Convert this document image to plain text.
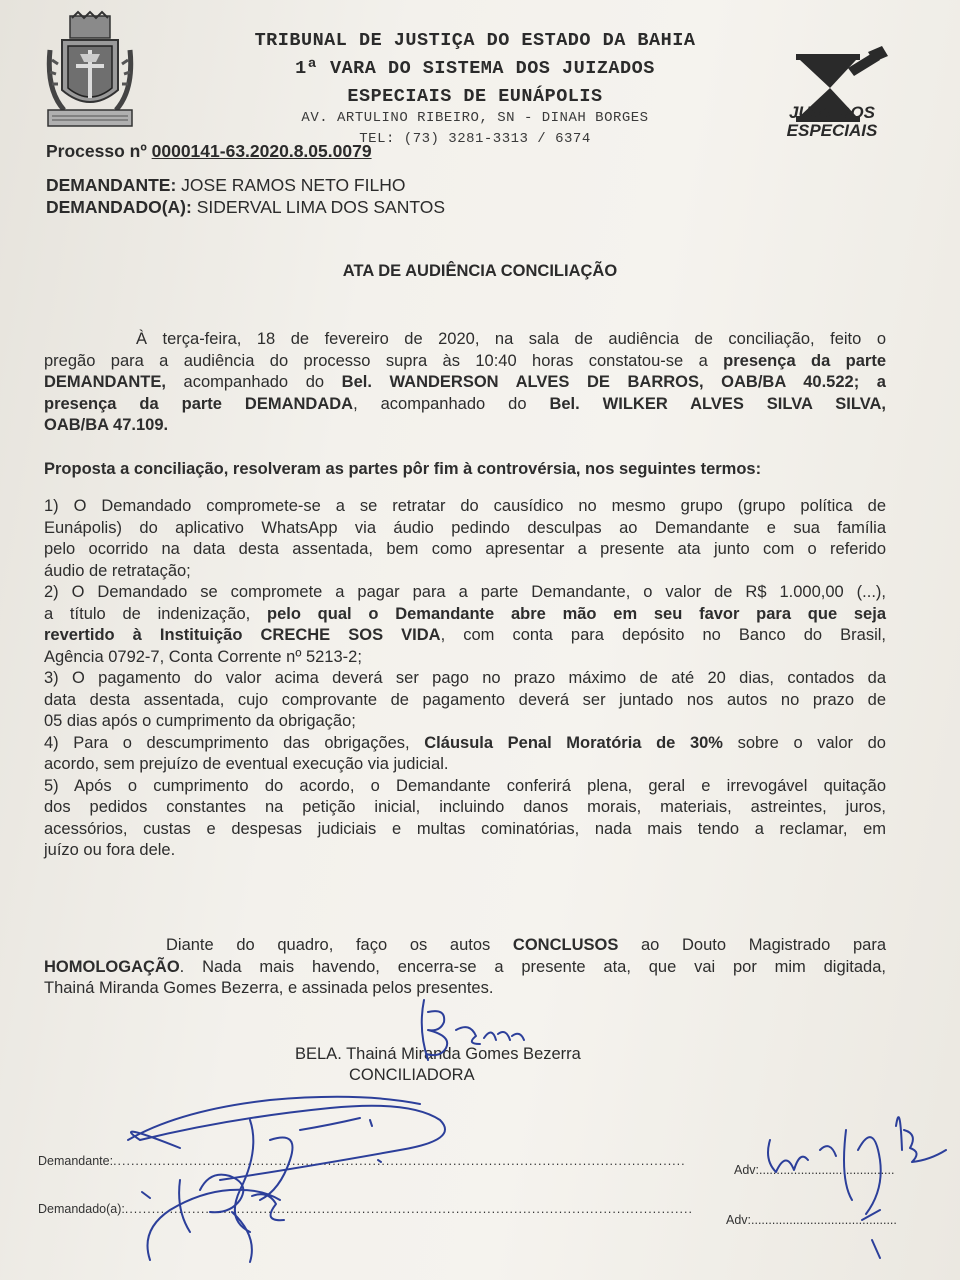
TRIBUNAL DE JUSTIÇA DO ESTADO DA BAHIA
1ª VARA DO SISTEMA DOS JUIZADOS
ESPECIAIS DE EUNÁPOLIS
AV. ARTULINO RIBEIRO, SN - DINAH BORGES
TEL: (73) 3281-3313 / 6374
JUIZADOS
ESPECIAIS
Processo nº 0000141-63.2020.8.05.0079
DEMANDANTE: JOSE RAMOS NETO FILHO
DEMANDADO(A): SIDERVAL LIMA DOS SANTOS
ATA DE AUDIÊNCIA CONCILIAÇÃO
À terça-feira, 18 de fevereiro de 2020, na sala de audiência de conciliação, feito o
pregão para a audiência do processo supra às 10:40 horas constatou-se a presença da parte
DEMANDANTE, acompanhado do Bel. WANDERSON ALVES DE BARROS, OAB/BA 40.522; a
presença da parte DEMANDADA, acompanhado do Bel. WILKER ALVES SILVA SILVA,
OAB/BA 47.109.
Proposta a conciliação, resolveram as partes pôr fim à controvérsia, nos seguintes termos:
1) O Demandado compromete-se a se retratar do causídico no mesmo grupo (grupo política de
Eunápolis) do aplicativo WhatsApp via áudio pedindo desculpas ao Demandante e sua família
pelo ocorrido na data desta assentada, bem como apresentar a presente ata junto com o referido
áudio de retratação;
2) O Demandado se compromete a pagar para a parte Demandante, o valor de R$ 1.000,00 (...),
a título de indenização, pelo qual o Demandante abre mão em seu favor para que seja
revertido à Instituição CRECHE SOS VIDA, com conta para depósito no Banco do Brasil,
Agência 0792-7, Conta Corrente nº 5213-2;
3) O pagamento do valor acima deverá ser pago no prazo máximo de até 20 dias, contados da
data desta assentada, cujo comprovante de pagamento deverá ser juntado nos autos no prazo de
05 dias após o cumprimento da obrigação;
4) Para o descumprimento das obrigações, Cláusula Penal Moratória de 30% sobre o valor do
acordo, sem prejuízo de eventual execução via judicial.
5) Após o cumprimento do acordo, o Demandante conferirá plena, geral e irrevogável quitação
dos pedidos constantes na petição inicial, incluindo danos morais, materiais, astreintes, juros,
acessórios, custas e despesas judiciais e multas cominatórias, nada mais tendo a reclamar, em
juízo ou fora dele.
Diante do quadro, faço os autos CONCLUSOS ao Douto Magistrado para
HOMOLOGAÇÃO. Nada mais havendo, encerra-se a presente ata, que vai por mim digitada,
Thainá Miranda Gomes Bezerra, e assinada pelos presentes.
BELA. Thainá Miranda Gomes Bezerra
CONCILIADORA
Demandante:................................................................................................................................
Adv:.......................................
Demandado(a):...............................................................................................................................
Adv:..........................................
